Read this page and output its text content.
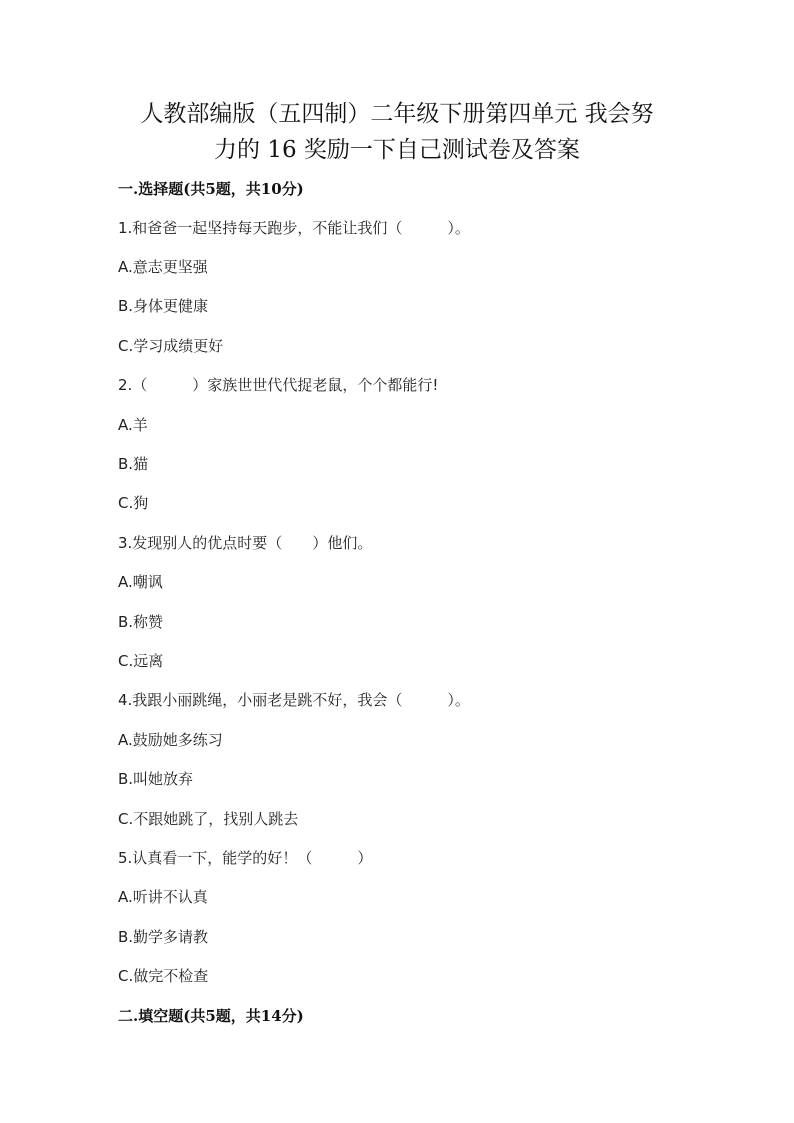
人教部编版（五四制）二年级下册第四单元 我会努
力的 16 奖励一下自己测试卷及答案
一.选择题(共5题，共10分)
1.和爸爸一起坚持每天跑步，不能让我们（　　　）。
A.意志更坚强
B.身体更健康
C.学习成绩更好
2.（　　　）家族世世代代捉老鼠，个个都能行!
A.羊
B.猫
C.狗
3.发现别人的优点时要（　　）他们。
A.嘲讽
B.称赞
C.远离
4.我跟小丽跳绳，小丽老是跳不好，我会（　　　）。
A.鼓励她多练习
B.叫她放弃
C.不跟她跳了，找别人跳去
5.认真看一下，能学的好！（　　　）
A.听讲不认真
B.勤学多请教
C.做完不检查
二.填空题(共5题，共14分)
